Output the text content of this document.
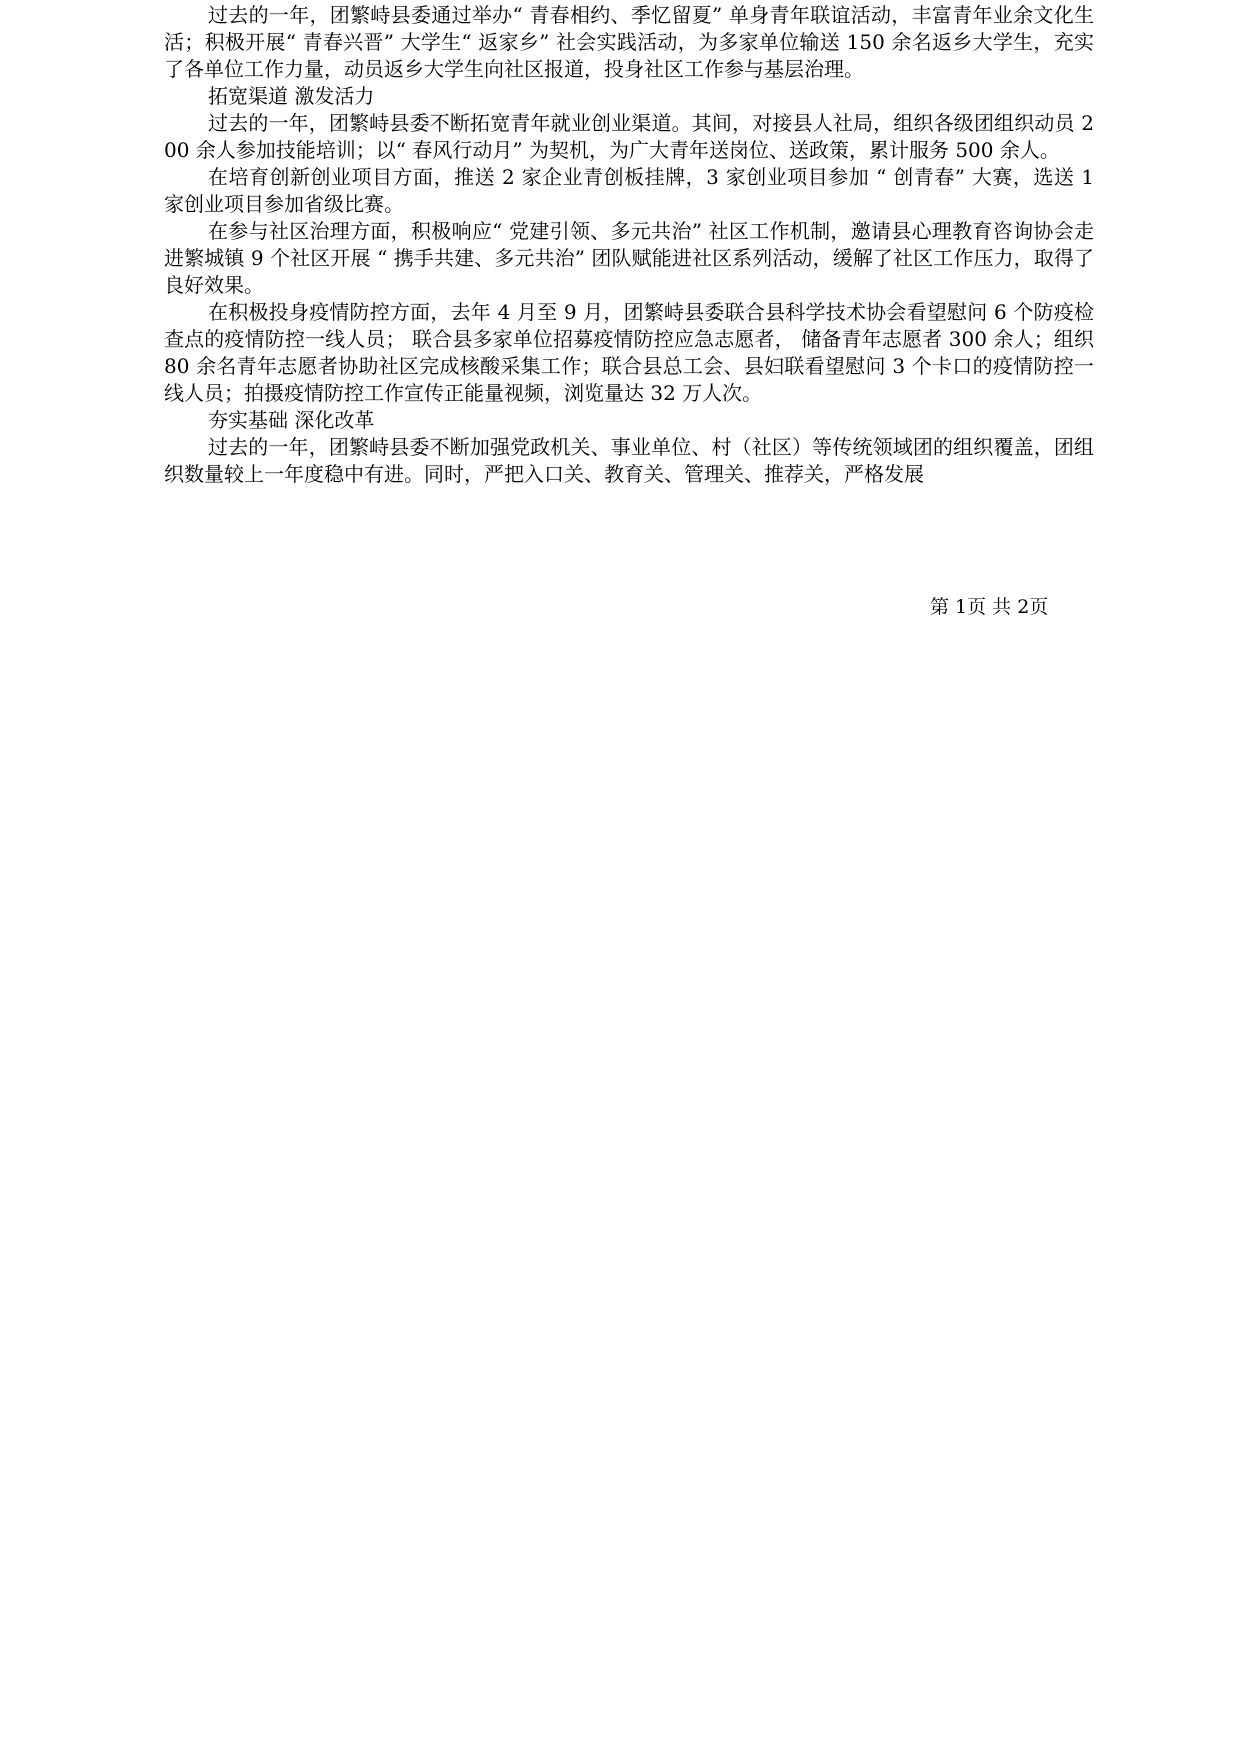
过去的一年，团繁峙县委通过举办“ 青春相约、季忆留夏” 单身青年联谊活动，丰富青年业余文化生活；积极开展“ 青春兴晋” 大学生“ 返家乡” 社会实践活动，为多家单位输送 150 余名返乡大学生，充实了各单位工作力量，动员返乡大学生向社区报道，投身社区工作参与基层治理。

拓宽渠道 激发活力

过去的一年，团繁峙县委不断拓宽青年就业创业渠道。其间，对接县人社局，组织各级团组织动员 200 余人参加技能培训；以“ 春风行动月” 为契机，为广大青年送岗位、送政策，累计服务 500 余人。

在培育创新创业项目方面，推送 2 家企业青创板挂牌，3 家创业项目参加 “ 创青春” 大赛，选送 1 家创业项目参加省级比赛。

在参与社区治理方面，积极响应“ 党建引领、多元共治” 社区工作机制，邀请县心理教育咨询协会走进繁城镇 9 个社区开展 “ 携手共建、多元共治” 团队赋能进社区系列活动，缓解了社区工作压力，取得了良好效果。

在积极投身疫情防控方面，去年 4 月至 9 月，团繁峙县委联合县科学技术协会看望慰问 6 个防疫检查点的疫情防控一线人员； 联合县多家单位招募疫情防控应急志愿者， 储备青年志愿者 300 余人；组织 80 余名青年志愿者协助社区完成核酸采集工作；联合县总工会、县妇联看望慰问 3 个卡口的疫情防控一线人员；拍摄疫情防控工作宣传正能量视频，浏览量达 32 万人次。

夯实基础 深化改革

过去的一年，团繁峙县委不断加强党政机关、事业单位、村（社区）等传统领域团的组织覆盖，团组织数量较上一年度稳中有进。同时，严把入口关、教育关、管理关、推荐关，严格发展

第 1页 共 2页
